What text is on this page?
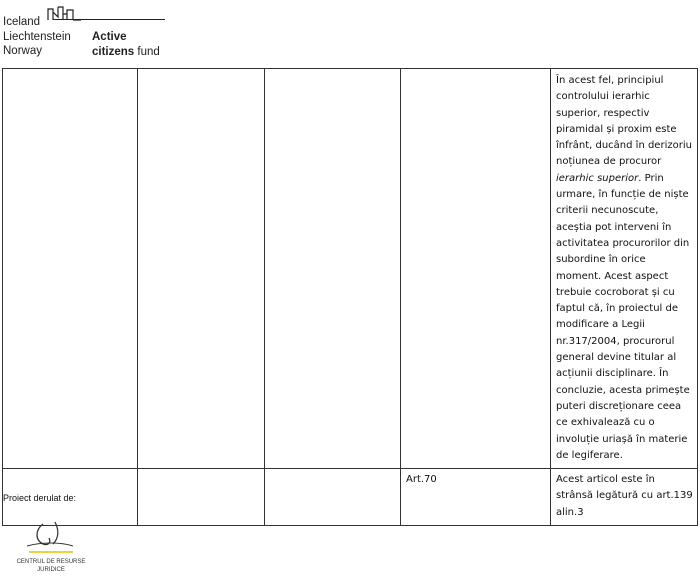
Iceland
Liechtenstein
Norway
Active
citizens fund
				În acest fel, principiul controlului ierarhic superior, respectiv piramidal și proxim este înfrânt, ducând în derizoriu noțiunea de procuror ierarhic superior. Prin urmare, în funcție de niște criterii necunoscute, aceștia pot interveni în activitatea procurorilor din subordine în orice moment. Acest aspect trebuie cocroborat și cu faptul că, în proiectul de modificare a Legii nr.317/2004, procurorul general devine titular al acțiunii disciplinare. În concluzie, acesta primește puteri discreționare ceea ce exhivalează cu o involuție uriașă în materie de legiferare.
			Art.70	Acest articol este în strânsă legătură cu art.139 alin.3
Proiect derulat de:
CENTRUL DE RESURSE
JURIDICE
